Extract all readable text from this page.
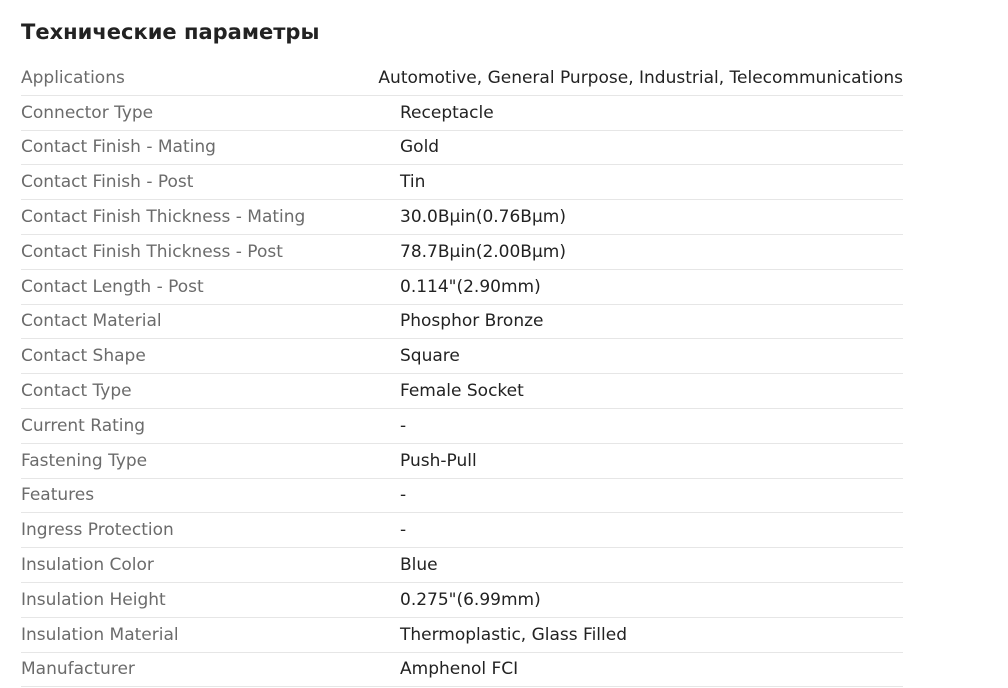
Технические параметры
Applications	Automotive, General Purpose, Industrial, Telecommunications
Connector Type	Receptacle
Contact Finish - Mating	Gold
Contact Finish - Post	Tin
Contact Finish Thickness - Mating	30.0Вμin(0.76Вμm)
Contact Finish Thickness - Post	78.7Вμin(2.00Вμm)
Contact Length - Post	0.114"(2.90mm)
Contact Material	Phosphor Bronze
Contact Shape	Square
Contact Type	Female Socket
Current Rating	-
Fastening Type	Push-Pull
Features	-
Ingress Protection	-
Insulation Color	Blue
Insulation Height	0.275"(6.99mm)
Insulation Material	Thermoplastic, Glass Filled
Manufacturer	Amphenol FCI
